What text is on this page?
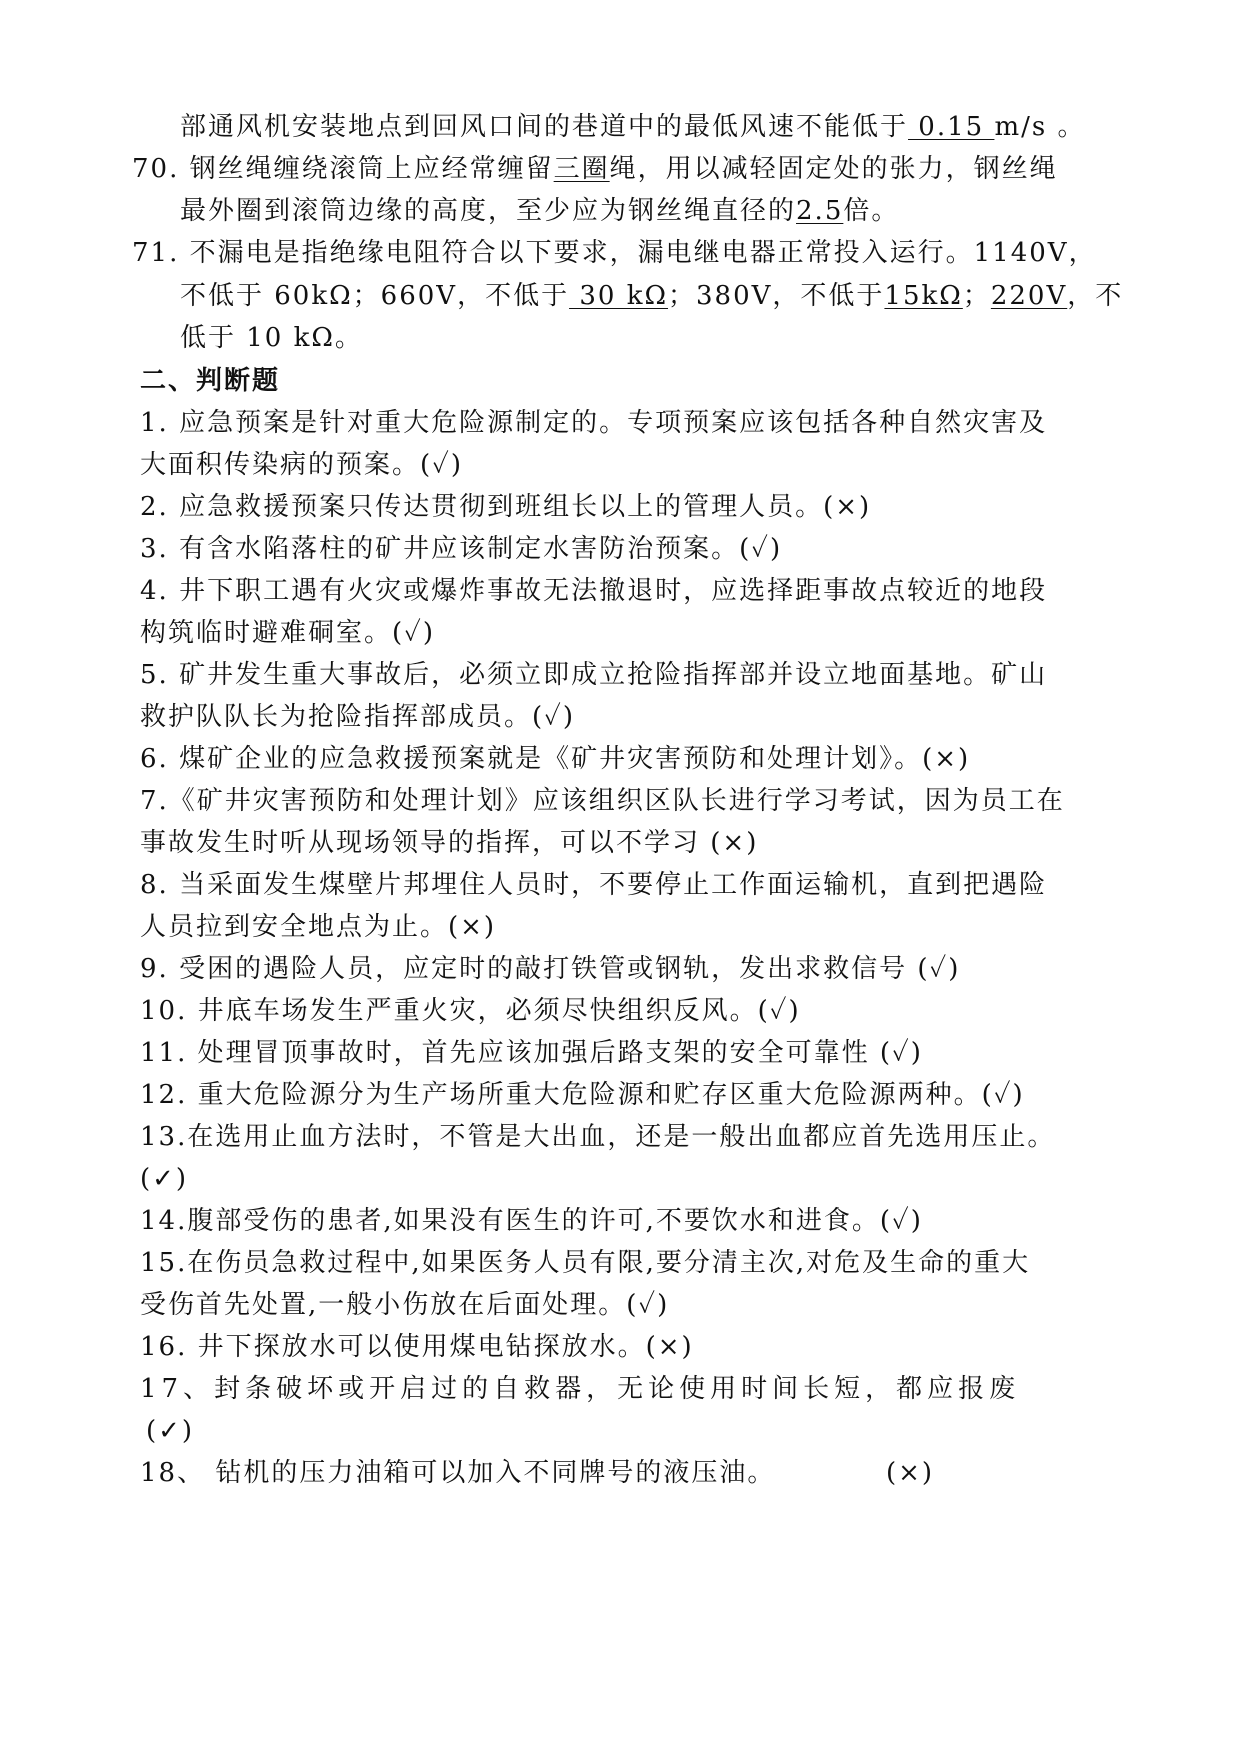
部通风机安装地点到回风口间的巷道中的最低风速不能低于 0.15 m/s 。
70. 钢丝绳缠绕滚筒上应经常缠留三圈绳，用以减轻固定处的张力，钢丝绳
最外圈到滚筒边缘的高度，至少应为钢丝绳直径的2.5倍。
71. 不漏电是指绝缘电阻符合以下要求，漏电继电器正常投入运行。1140V，
不低于 60kΩ；660V，不低于 30 kΩ；380V，不低于15kΩ；220V，不
低于 10 kΩ。
二、判断题
1. 应急预案是针对重大危险源制定的。专项预案应该包括各种自然灾害及
大面积传染病的预案。(✓)
2. 应急救援预案只传达贯彻到班组长以上的管理人员。(×)
3. 有含水陷落柱的矿井应该制定水害防治预案。(✓)
4. 井下职工遇有火灾或爆炸事故无法撤退时，应选择距事故点较近的地段
构筑临时避难硐室。(✓)
5. 矿井发生重大事故后，必须立即成立抢险指挥部并设立地面基地。矿山
救护队队长为抢险指挥部成员。(✓)
6. 煤矿企业的应急救援预案就是《矿井灾害预防和处理计划》。(×)
7.《矿井灾害预防和处理计划》应该组织区队长进行学习考试，因为员工在
事故发生时听从现场领导的指挥，可以不学习 (×)
8. 当采面发生煤壁片邦埋住人员时，不要停止工作面运输机，直到把遇险
人员拉到安全地点为止。(×)
9. 受困的遇险人员，应定时的敲打铁管或钢轨，发出求救信号 (✓)
10. 井底车场发生严重火灾，必须尽快组织反风。(✓)
11. 处理冒顶事故时，首先应该加强后路支架的安全可靠性 (✓)
12. 重大危险源分为生产场所重大危险源和贮存区重大危险源两种。(✓)
13.在选用止血方法时，不管是大出血，还是一般出血都应首先选用压止。
(✓)
14.腹部受伤的患者,如果没有医生的许可,不要饮水和进食。(✓)
15.在伤员急救过程中,如果医务人员有限,要分清主次,对危及生命的重大
受伤首先处置,一般小伤放在后面处理。(✓)
16. 井下探放水可以使用煤电钻探放水。(×)
17、封条破坏或开启过的自救器，无论使用时间长短，都应报废
(✓)
18、 钻机的压力油箱可以加入不同牌号的液压油。	(×)
